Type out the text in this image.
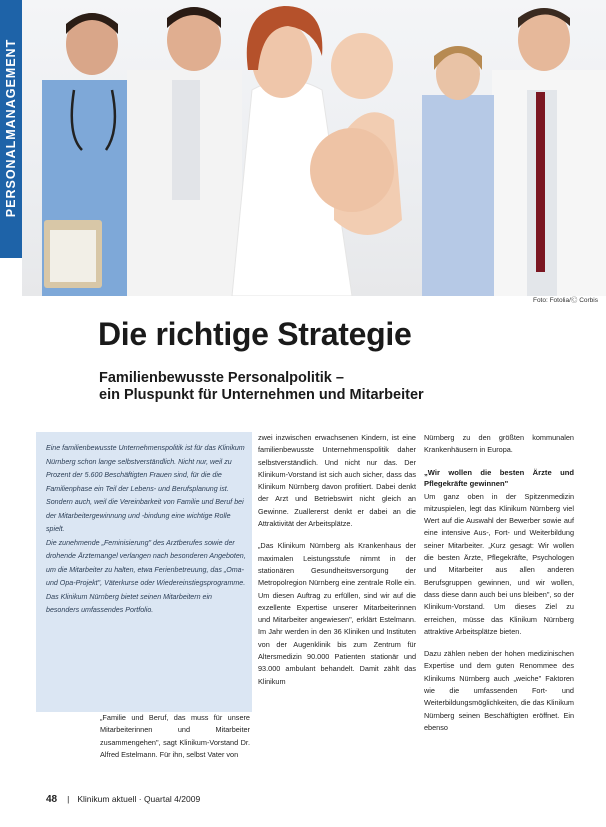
PERSONALMANAGEMENT
Foto: Fotolia/Ⓒ Corbis
Die richtige Strategie
Familienbewusste Personalpolitik –
ein Pluspunkt für Unternehmen und Mitarbeiter

Eine familienbewusste Unternehmenspolitik ist für das Klinikum Nürnberg schon lange selbstverständlich. Nicht nur, weil zu Prozent der 5.600 Beschäftigten Frauen sind, für die die Familienphase ein Teil der Lebens- und Berufsplanung ist. Sondern auch, weil die Vereinbarkeit von Familie und Beruf bei der Mitarbeitergewinnung und -bindung eine wichtige Rolle spielt.

Die zunehmende „Feminisierung" des Arztberufes sowie der drohende Ärztemangel verlangen nach besonderen Angeboten, um die Mitarbeiter zu halten, etwa Ferienbetreuung, das „Oma-und Opa-Projekt", Väterkurse oder Wiedereinstiegsprogramme. Das Klinikum Nürnberg bietet seinen Mitarbeitern ein besonders umfassendes Portfolio.

„Familie und Beruf, das muss für unsere Mitarbeiterinnen und Mitarbeiter zusammengehen", sagt Klinikum-Vorstand Dr. Alfred Estelmann. Für ihn, selbst Vater von

zwei inzwischen erwachsenen Kindern, ist eine familienbewusste Unternehmenspolitik daher selbstverständlich. Und nicht nur das. Der Klinikum-Vorstand ist sich auch sicher, dass das Klinikum Nürnberg davon profitiert. Dabei denkt der Arzt und Betriebswirt nicht gleich an Gewinne. Zuallererst denkt er dabei an die Attraktivität der Arbeitsplätze.

„Das Klinikum Nürnberg als Krankenhaus der maximalen Leistungsstufe nimmt in der stationären Gesundheitsversorgung der Metropolregion Nürnberg eine zentrale Rolle ein. Um diesen Auftrag zu erfüllen, sind wir auf die exzellente Expertise unserer Mitarbeiterinnen und Mitarbeiter angewiesen", erklärt Estelmann. Im Jahr werden in den 36 Kliniken und Instituten von der Augenklinik bis zum Zentrum für Altersmedizin 90.000 Patienten stationär und 93.000 ambulant behandelt. Damit zählt das Klinikum

Nürnberg zu den größten kommunalen Krankenhäusern in Europa.

„Wir wollen die besten Ärzte und Pflegekräfte gewinnen"

Um ganz oben in der Spitzenmedizin mitzuspielen, legt das Klinikum Nürnberg viel Wert auf die Auswahl der Bewerber sowie auf eine intensive Aus-, Fort- und Weiterbildung seiner Mitarbeiter. „Kurz gesagt: Wir wollen die besten Ärzte, Pflegekräfte, Psychologen und Mitarbeiter aus allen anderen Berufsgruppen gewinnen, und wir wollen, dass diese dann auch bei uns bleiben", so der Klinikum-Vorstand. Um dieses Ziel zu erreichen, müsse das Klinikum Nürnberg attraktive Arbeitsplätze bieten.

Dazu zählen neben der hohen medizinischen Expertise und dem guten Renommee des Klinikums Nürnberg auch „weiche" Faktoren wie die umfassenden Fort- und Weiterbildungsmöglichkeiten, die das Klinikum Nürnberg seinen Beschäftigten eröffnet. Ein ebenso

48 | Klinikum aktuell · Quartal 4/2009
